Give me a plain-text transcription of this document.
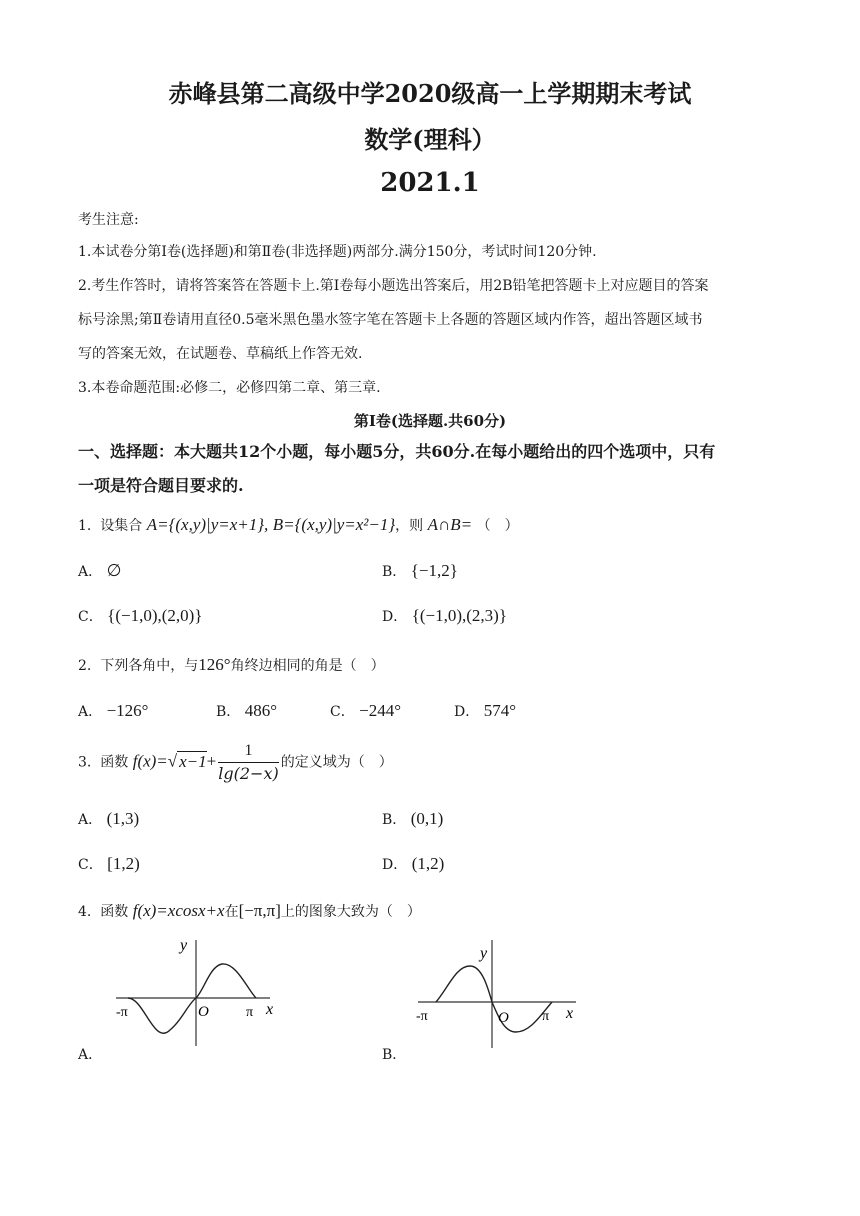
赤峰县第二高级中学2020级高一上学期期末考试
数学(理科）
2021.1
考生注意:
1.本试卷分第Ⅰ卷(选择题)和第Ⅱ卷(非选择题)两部分.满分150分，考试时间120分钟.
2.考生作答时，请将答案答在答题卡上.第Ⅰ卷每小题选出答案后，用2B铅笔把答题卡上对应题目的答案
标号涂黑;第Ⅱ卷请用直径0.5毫米黑色墨水签字笔在答题卡上各题的答题区域内作答，超出答题区域书
写的答案无效，在试题卷、草稿纸上作答无效.
3.本卷命题范围:必修二，必修四第二章、第三章.
第Ⅰ卷(选择题.共60分)
一、选择题：本大题共12个小题，每小题5分，共60分.在每小题给出的四个选项中，只有
一项是符合题目要求的.
1. 设集合 A={(x,y)|y=x+1}, B={(x,y)|y=x²−1}，则 A∩B= （　）
A． ∅	B． {−1,2}
C． {(−1,0),(2,0)}	D． {(−1,0),(2,3)}
2. 下列各角中，与126°角终边相同的角是（　）
A． −126°	B． 486°	C． −244°	D． 574°
3. 函数 f(x)=√ $x-1+ \frac{1}{\lg(2-x)}$ 的定义域为（　）
A． (1,3)	B． (0,1)
C． [1,2)	D． (1,2)
4. 函数 f(x)=xcosx+x在[−π,π]上的图象大致为（　）
y
x
O
-π	π
A．
y
x
O
-π	π
B．
